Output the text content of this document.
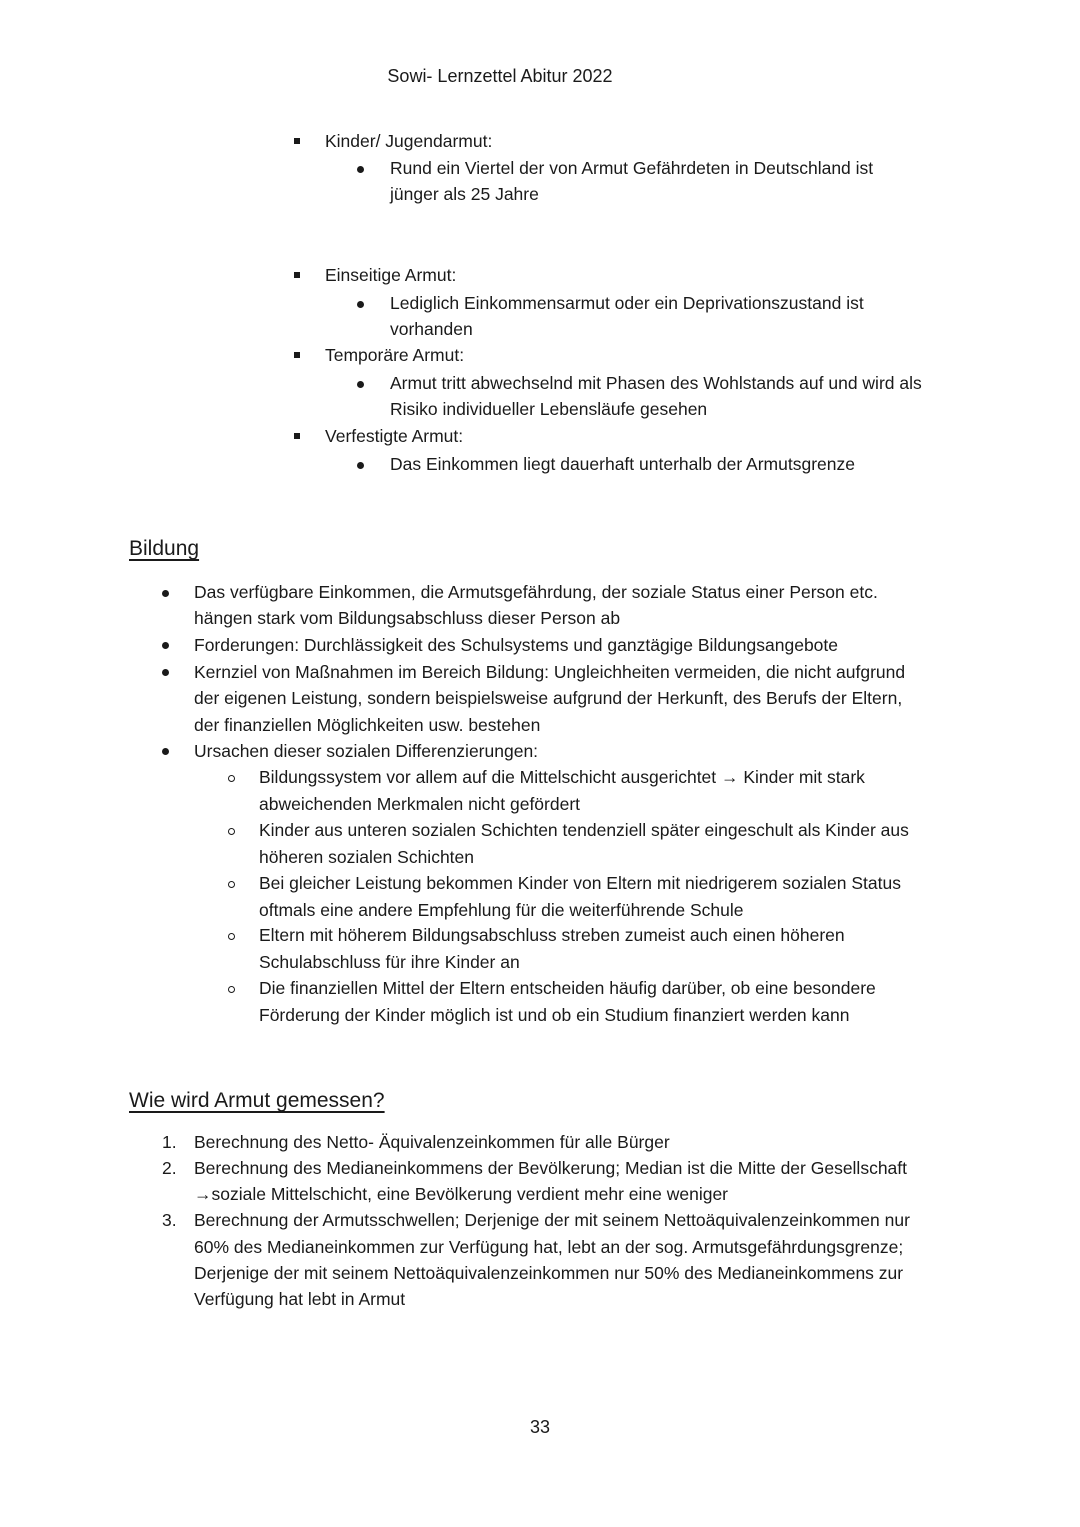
Sowi- Lernzettel Abitur 2022
Kinder/ Jugendarmut:
Rund ein Viertel der von Armut Gefährdeten in Deutschland ist
jünger als 25 Jahre
Einseitige Armut:
Lediglich Einkommensarmut oder ein Deprivationszustand ist
vorhanden
Temporäre Armut:
Armut tritt abwechselnd mit Phasen des Wohlstands auf und wird als
Risiko individueller Lebensläufe gesehen
Verfestigte Armut:
Das Einkommen liegt dauerhaft unterhalb der Armutsgrenze
Bildung
Das verfügbare Einkommen, die Armutsgefährdung, der soziale Status einer Person etc.
hängen stark vom Bildungsabschluss dieser Person ab
Forderungen: Durchlässigkeit des Schulsystems und ganztägige Bildungsangebote
Kernziel von Maßnahmen im Bereich Bildung: Ungleichheiten vermeiden, die nicht aufgrund
der eigenen Leistung, sondern beispielsweise aufgrund der Herkunft, des Berufs der Eltern,
der finanziellen Möglichkeiten usw. bestehen
Ursachen dieser sozialen Differenzierungen:
Bildungssystem vor allem auf die Mittelschicht ausgerichtet → Kinder mit stark
abweichenden Merkmalen nicht gefördert
Kinder aus unteren sozialen Schichten tendenziell später eingeschult als Kinder aus
höheren sozialen Schichten
Bei gleicher Leistung bekommen Kinder von Eltern mit niedrigerem sozialen Status
oftmals eine andere Empfehlung für die weiterführende Schule
Eltern mit höherem Bildungsabschluss streben zumeist auch einen höheren
Schulabschluss für ihre Kinder an
Die finanziellen Mittel der Eltern entscheiden häufig darüber, ob eine besondere
Förderung der Kinder möglich ist und ob ein Studium finanziert werden kann
Wie wird Armut gemessen?
1. Berechnung des Netto- Äquivalenzeinkommen für alle Bürger
2. Berechnung des Medianeinkommens der Bevölkerung; Median ist die Mitte der Gesellschaft
→soziale Mittelschicht, eine Bevölkerung verdient mehr eine weniger
3. Berechnung der Armutsschwellen; Derjenige der mit seinem Nettoäquivalenzeinkommen nur
60% des Medianeinkommen zur Verfügung hat, lebt an der sog. Armutsgefährdungsgrenze;
Derjenige der mit seinem Nettoäquivalenzeinkommen nur 50% des Medianeinkommens zur
Verfügung hat lebt in Armut
33
